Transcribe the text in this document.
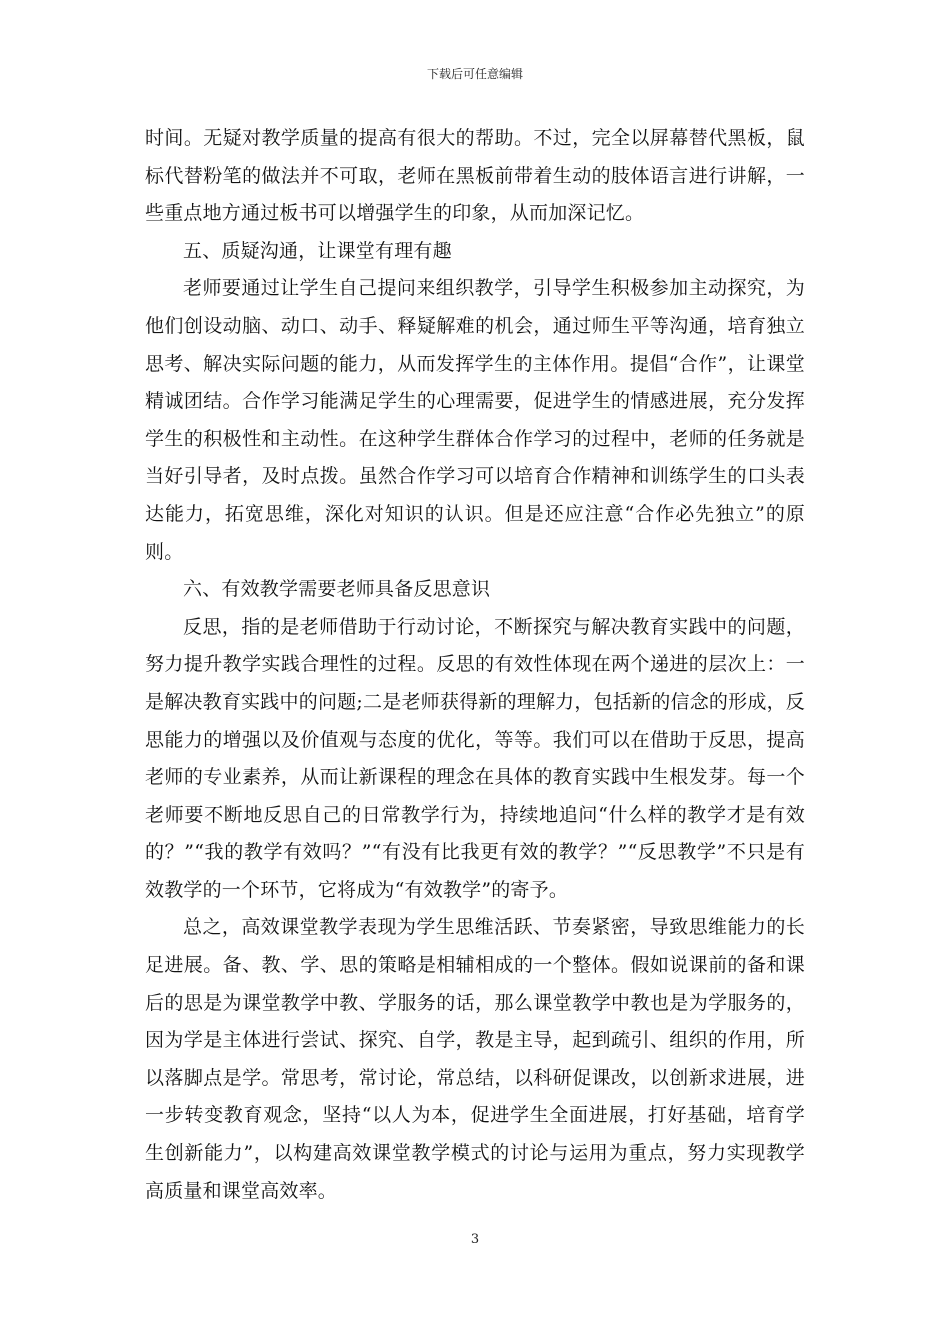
下载后可任意编辑

时间。无疑对教学质量的提高有很大的帮助。不过，完全以屏幕替代黑板，鼠标代替粉笔的做法并不可取，老师在黑板前带着生动的肢体语言进行讲解，一些重点地方通过板书可以增强学生的印象，从而加深记忆。

五、质疑沟通，让课堂有理有趣

老师要通过让学生自己提问来组织教学，引导学生积极参加主动探究，为他们创设动脑、动口、动手、释疑解难的机会，通过师生平等沟通，培育独立思考、解决实际问题的能力，从而发挥学生的主体作用。提倡“合作”，让课堂精诚团结。合作学习能满足学生的心理需要，促进学生的情感进展，充分发挥学生的积极性和主动性。在这种学生群体合作学习的过程中，老师的任务就是当好引导者，及时点拨。虽然合作学习可以培育合作精神和训练学生的口头表达能力，拓宽思维，深化对知识的认识。但是还应注意“合作必先独立”的原则。

六、有效教学需要老师具备反思意识

反思，指的是老师借助于行动讨论，不断探究与解决教育实践中的问题，努力提升教学实践合理性的过程。反思的有效性体现在两个递进的层次上：一是解决教育实践中的问题;二是老师获得新的理解力，包括新的信念的形成，反思能力的增强以及价值观与态度的优化，等等。我们可以在借助于反思，提高老师的专业素养，从而让新课程的理念在具体的教育实践中生根发芽。每一个老师要不断地反思自己的日常教学行为，持续地追问“什么样的教学才是有效的？”“我的教学有效吗？”“有没有比我更有效的教学？”“反思教学”不只是有效教学的一个环节，它将成为“有效教学”的寄予。

总之，高效课堂教学表现为学生思维活跃、节奏紧密，导致思维能力的长足进展。备、教、学、思的策略是相辅相成的一个整体。假如说课前的备和课后的思是为课堂教学中教、学服务的话，那么课堂教学中教也是为学服务的，因为学是主体进行尝试、探究、自学，教是主导，起到疏引、组织的作用，所以落脚点是学。常思考，常讨论，常总结，以科研促课改，以创新求进展，进一步转变教育观念，坚持“以人为本，促进学生全面进展，打好基础，培育学生创新能力”，以构建高效课堂教学模式的讨论与运用为重点，努力实现教学高质量和课堂高效率。

3
